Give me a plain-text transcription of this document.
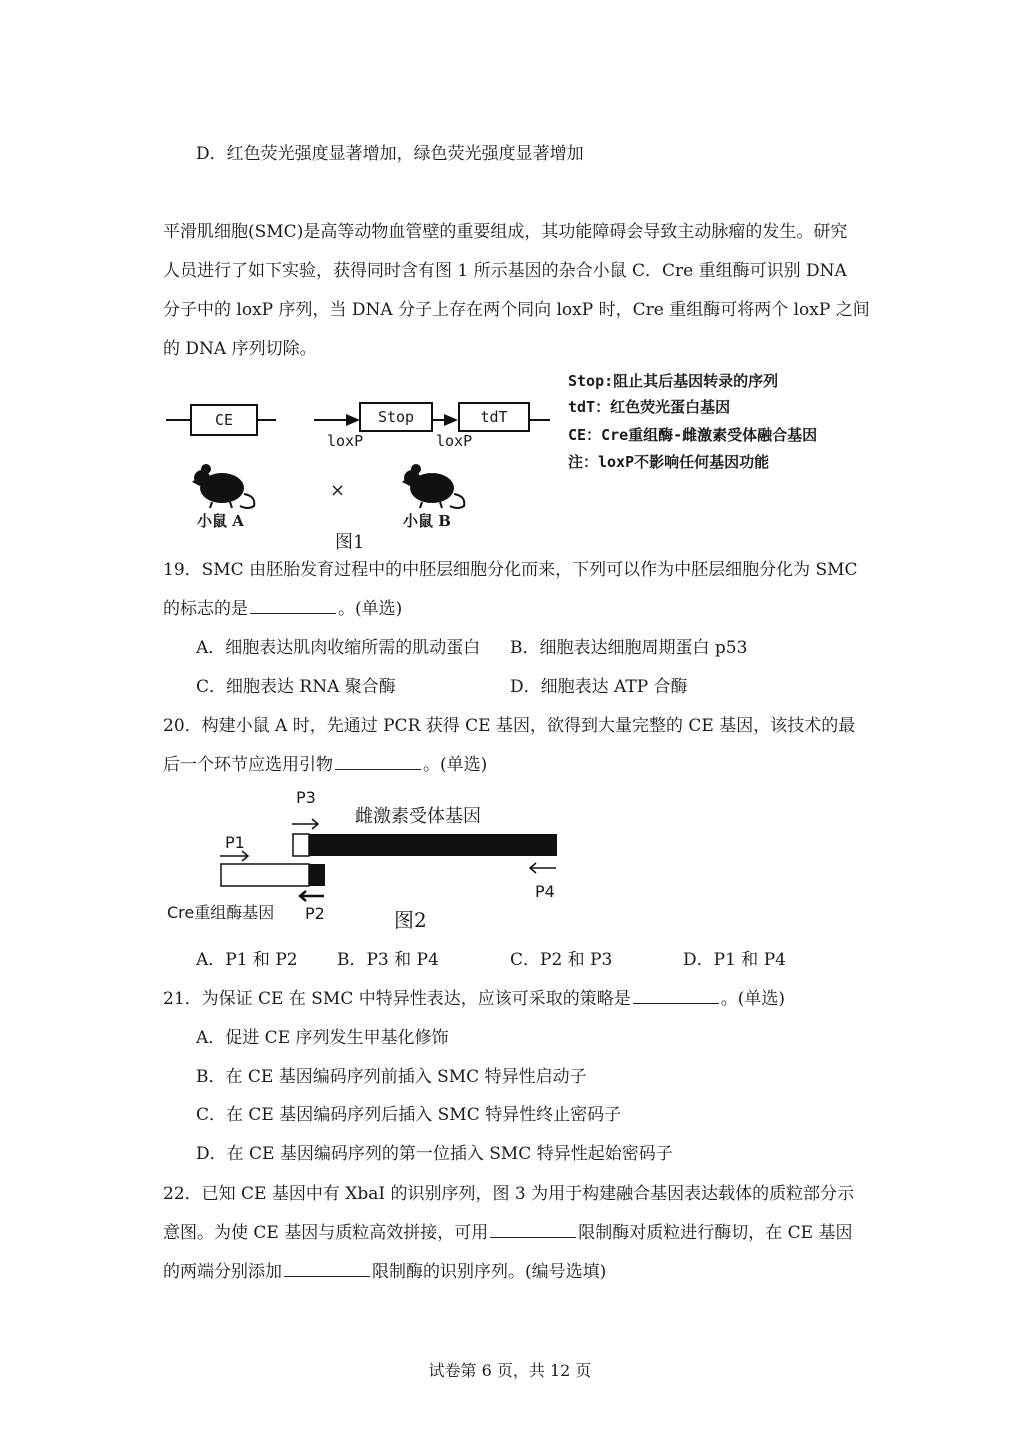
D．红色荧光强度显著增加，绿色荧光强度显著增加
平滑肌细胞(SMC)是高等动物血管壁的重要组成，其功能障碍会导致主动脉瘤的发生。研究
人员进行了如下实验，获得同时含有图 1 所示基因的杂合小鼠 C．Cre 重组酶可识别 DNA
分子中的 loxP 序列，当 DNA 分子上存在两个同向 loxP 时，Cre 重组酶可将两个 loxP 之间
的 DNA 序列切除。
CE	Stop	tdT
loxP	loxP
小鼠 A
×
小鼠 B
图1
Stop:阻止其后基因转录的序列
tdT：红色荧光蛋白基因
CE：Cre重组酶-雌激素受体融合基因
注：loxP不影响任何基因功能
19．SMC 由胚胎发育过程中的中胚层细胞分化而来，下列可以作为中胚层细胞分化为 SMC
的标志的是	。(单选)
A．细胞表达肌肉收缩所需的肌动蛋白 B．细胞表达细胞周期蛋白 p53
C．细胞表达 RNA 聚合酶	D．细胞表达 ATP 合酶
20．构建小鼠 A 时，先通过 PCR 获得 CE 基因，欲得到大量完整的 CE 基因，该技术的最
后一个环节应选用引物	。(单选)
P3
雌激素受体基因
P1
P4
Cre重组酶基因 P2	图2
A．P1 和 P2 B．P3 和 P4	C．P2 和 P3	D．P1 和 P4
21．为保证 CE 在 SMC 中特异性表达，应该可采取的策略是	。(单选)
A．促进 CE 序列发生甲基化修饰
B．在 CE 基因编码序列前插入 SMC 特异性启动子
C．在 CE 基因编码序列后插入 SMC 特异性终止密码子
D．在 CE 基因编码序列的第一位插入 SMC 特异性起始密码子
22．已知 CE 基因中有 XbaI 的识别序列，图 3 为用于构建融合基因表达载体的质粒部分示
意图。为使 CE 基因与质粒高效拼接，可用	限制酶对质粒进行酶切，在 CE 基因
的两端分别添加	限制酶的识别序列。(编号选填)
试卷第 6 页，共 12 页
